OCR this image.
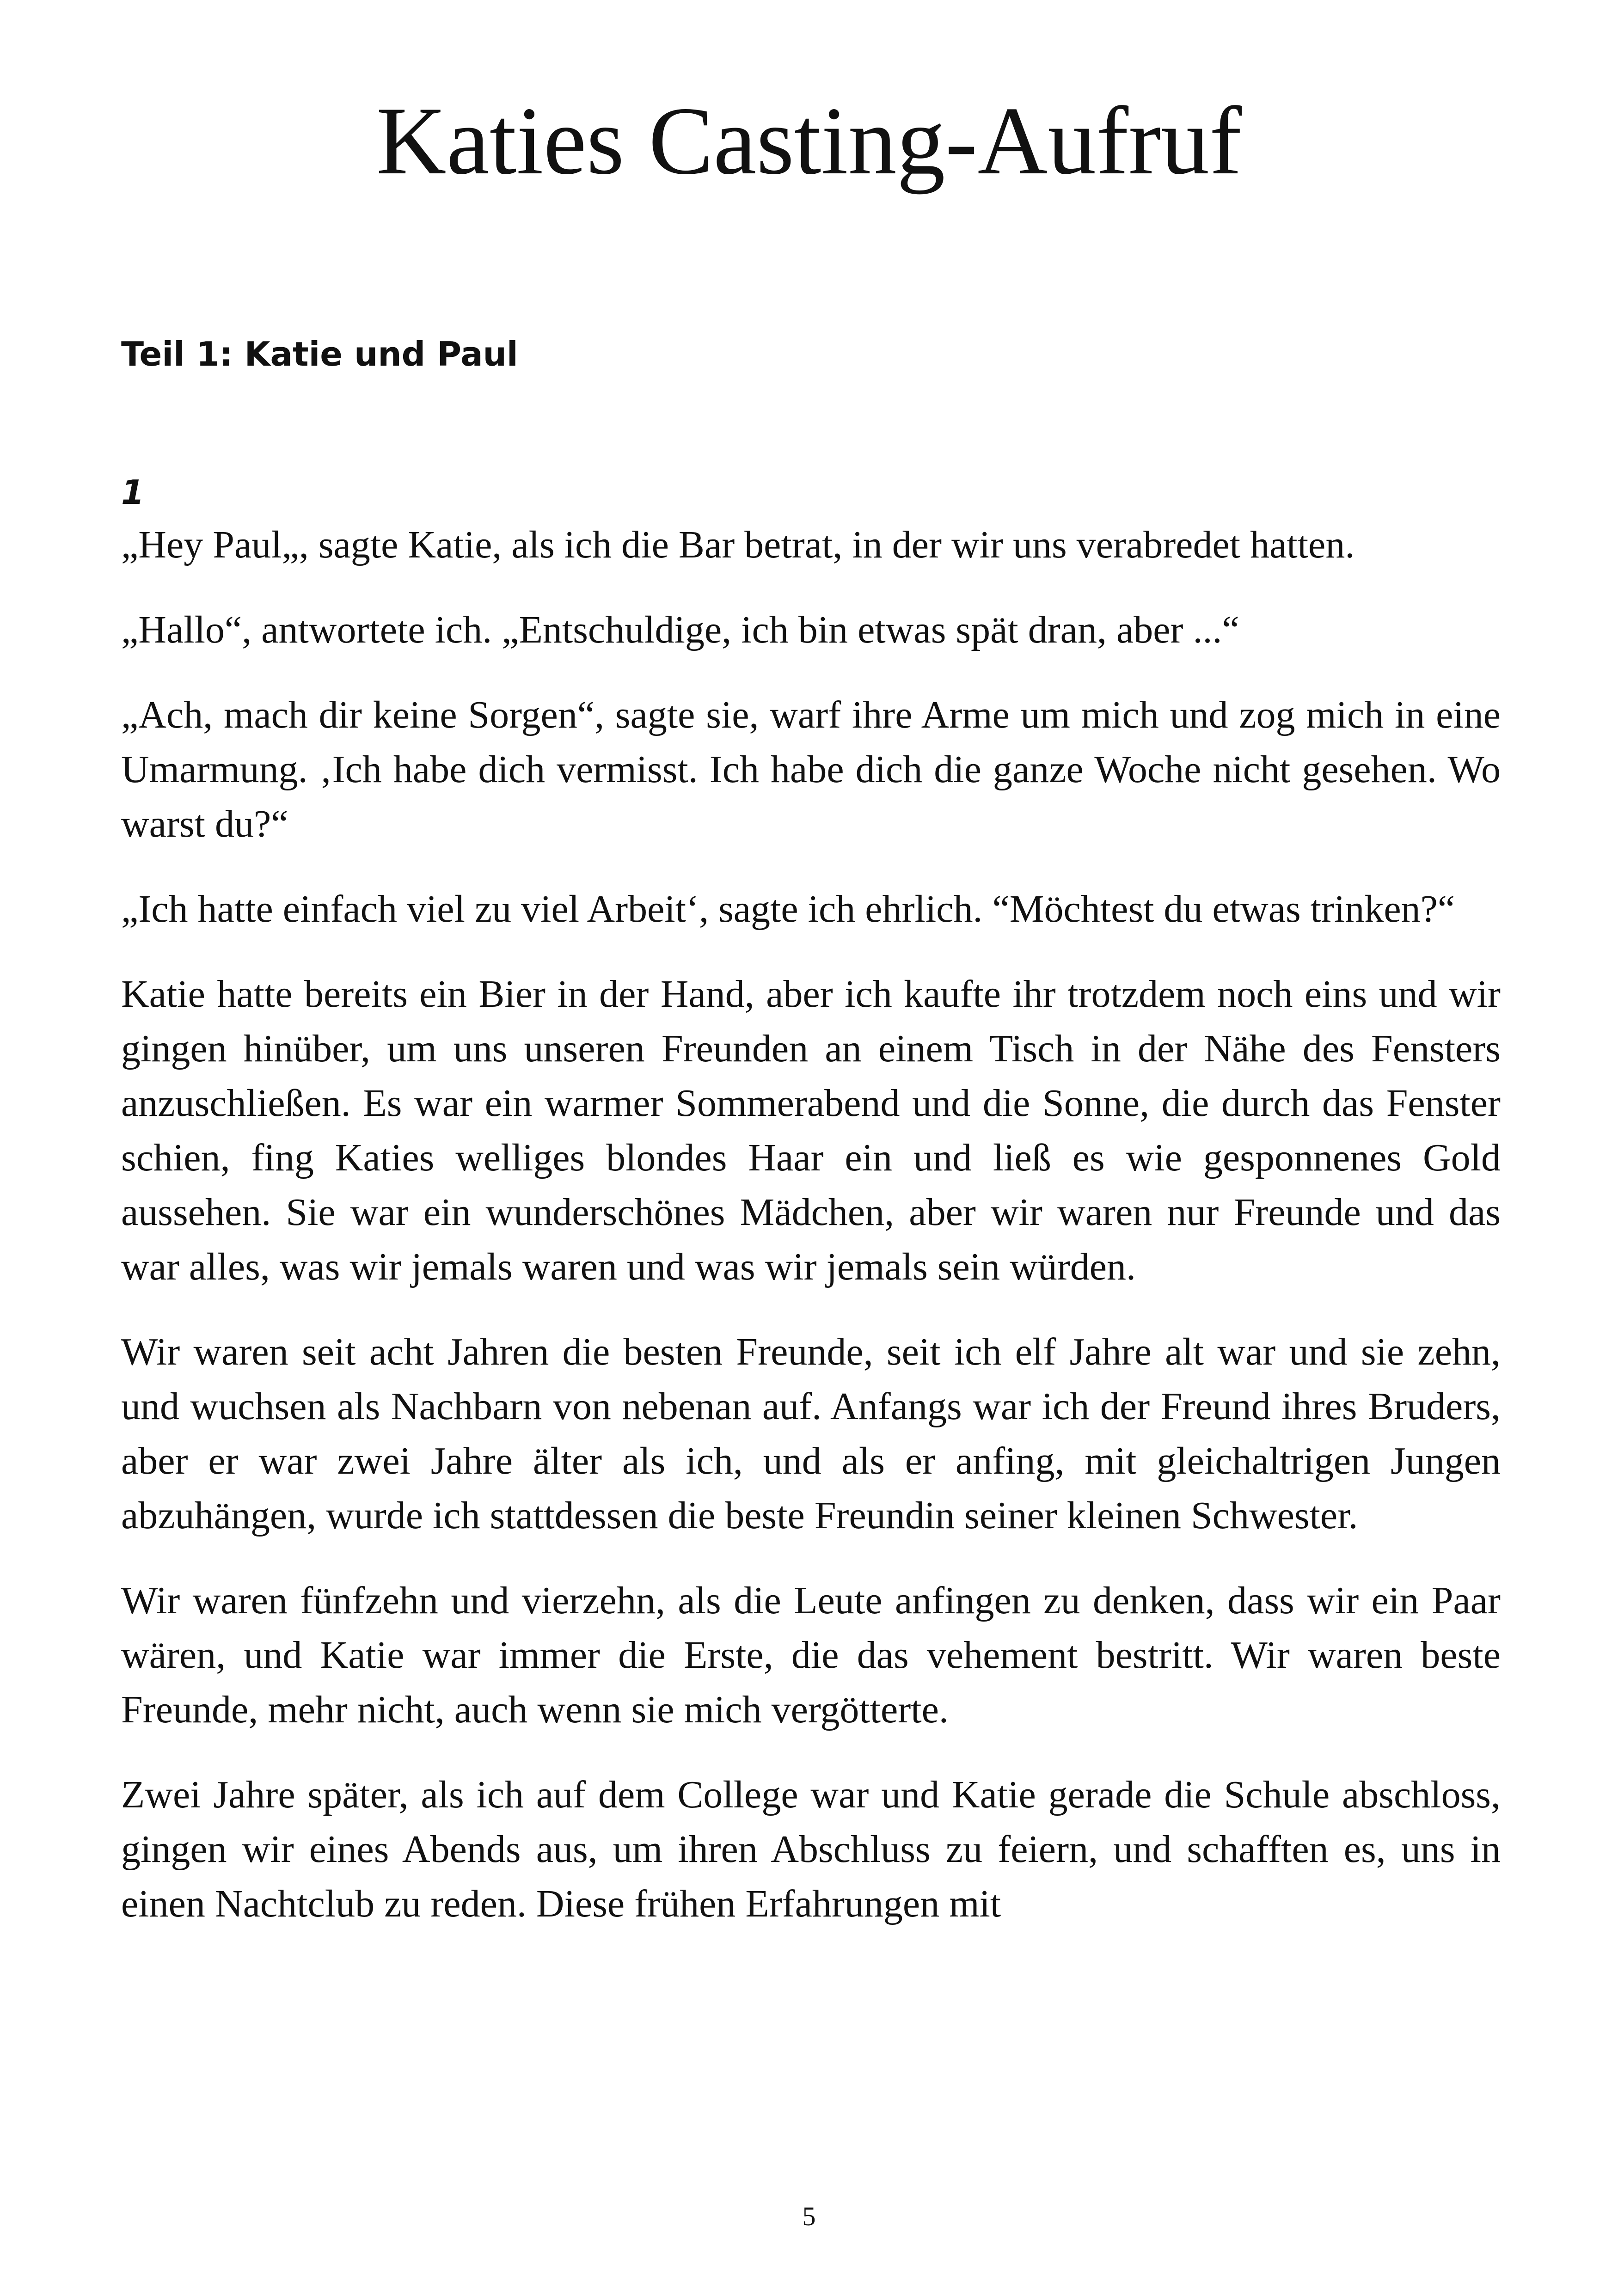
Katies Casting-Aufruf
Teil 1: Katie und Paul
1

„Hey Paul„, sagte Katie, als ich die Bar betrat, in der wir uns verabredet hatten.

„Hallo“, antwortete ich. „Entschuldige, ich bin etwas spät dran, aber ...“

„Ach, mach dir keine Sorgen“, sagte sie, warf ihre Arme um mich und zog mich in eine Umarmung. ‚Ich habe dich vermisst. Ich habe dich die ganze Woche nicht gesehen. Wo warst du?“

„Ich hatte einfach viel zu viel Arbeit‘, sagte ich ehrlich. “Möchtest du etwas trinken?“

Katie hatte bereits ein Bier in der Hand, aber ich kaufte ihr trotzdem noch eins und wir gingen hinüber, um uns unseren Freunden an einem Tisch in der Nähe des Fensters anzuschließen. Es war ein warmer Sommerabend und die Sonne, die durch das Fenster schien, fing Katies welliges blondes Haar ein und ließ es wie gesponnenes Gold aussehen. Sie war ein wunderschönes Mädchen, aber wir waren nur Freunde und das war alles, was wir jemals waren und was wir jemals sein würden.

Wir waren seit acht Jahren die besten Freunde, seit ich elf Jahre alt war und sie zehn, und wuchsen als Nachbarn von nebenan auf. Anfangs war ich der Freund ihres Bruders, aber er war zwei Jahre älter als ich, und als er anfing, mit gleichaltrigen Jungen abzuhängen, wurde ich stattdessen die beste Freundin seiner kleinen Schwester.

Wir waren fünfzehn und vierzehn, als die Leute anfingen zu denken, dass wir ein Paar wären, und Katie war immer die Erste, die das vehement bestritt. Wir waren beste Freunde, mehr nicht, auch wenn sie mich vergötterte.

Zwei Jahre später, als ich auf dem College war und Katie gerade die Schule abschloss, gingen wir eines Abends aus, um ihren Abschluss zu feiern, und schafften es, uns in einen Nachtclub zu reden. Diese frühen Erfahrungen mit

5
